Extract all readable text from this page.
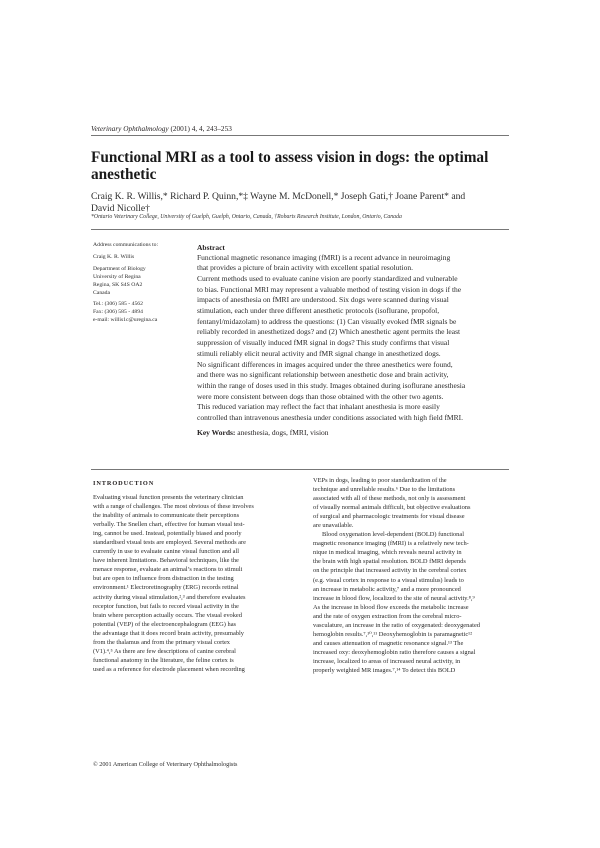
Veterinary Ophthalmology (2001) 4, 4, 243–253
Functional MRI as a tool to assess vision in dogs: the optimal anesthetic
Craig K. R. Willis,* Richard P. Quinn,*‡ Wayne M. McDonell,* Joseph Gati,† Joane Parent* and
David Nicolle†
*Ontario Veterinary College, University of Guelph, Guelph, Ontario, Canada, †Robarts Research Institute, London, Ontario, Canada
Address communications to:
Craig K. R. Willis
Department of Biology
University of Regina
Regina, SK S4S OA2
Canada
Tel.: (306) 585 - 4562
Fax: (306) 585 - 4894
e-mail: willis1c@uregina.ca
Abstract
Functional magnetic resonance imaging (fMRI) is a recent advance in neuroimaging
that provides a picture of brain activity with excellent spatial resolution.
Current methods used to evaluate canine vision are poorly standardized and vulnerable
to bias. Functional MRI may represent a valuable method of testing vision in dogs if the
impacts of anesthesia on fMRI are understood. Six dogs were scanned during visual
stimulation, each under three different anesthetic protocols (isoflurane, propofol,
fentanyl/midazolam) to address the questions: (1) Can visually evoked fMR signals be
reliably recorded in anesthetized dogs? and (2) Which anesthetic agent permits the least
suppression of visually induced fMR signal in dogs? This study confirms that visual
stimuli reliably elicit neural activity and fMR signal change in anesthetized dogs.
No significant differences in images acquired under the three anesthetics were found,
and there was no significant relationship between anesthetic dose and brain activity,
within the range of doses used in this study. Images obtained during isoflurane anesthesia
were more consistent between dogs than those obtained with the other two agents.
This reduced variation may reflect the fact that inhalant anesthesia is more easily
controlled than intravenous anesthesia under conditions associated with high field fMRI.
Key Words: anesthesia, dogs, fMRI, vision
INTRODUCTION
Evaluating visual function presents the veterinary clinician
with a range of challenges. The most obvious of these involves
the inability of animals to communicate their perceptions
verbally. The Snellen chart, effective for human visual test-
ing, cannot be used. Instead, potentially biased and poorly
standardised visual tests are employed. Several methods are
currently in use to evaluate canine visual function and all
have inherent limitations. Behavioral techniques, like the
menace response, evaluate an animal’s reactions to stimuli
but are open to influence from distraction in the testing
environment.¹ Electroretinography (ERG) records retinal
activity during visual stimulation,²,³ and therefore evaluates
receptor function, but fails to record visual activity in the
brain where perception actually occurs. The visual evoked
potential (VEP) of the electroencephalogram (EEG) has
the advantage that it does record brain activity, presumably
from the thalamus and from the primary visual cortex
(V1).⁴,⁵ As there are few descriptions of canine cerebral
functional anatomy in the literature, the feline cortex is
used as a reference for electrode placement when recording
VEPs in dogs, leading to poor standardization of the
technique and unreliable results.⁶ Due to the limitations
associated with all of these methods, not only is assessment
of visually normal animals difficult, but objective evaluations
of surgical and pharmacologic treatments for visual disease
are unavailable.
Blood oxygenation level-dependent (BOLD) functional
magnetic resonance imaging (fMRI) is a relatively new tech-
nique in medical imaging, which reveals neural activity in
the brain with high spatial resolution. BOLD fMRI depends
on the principle that increased activity in the cerebral cortex
(e.g. visual cortex in response to a visual stimulus) leads to
an increase in metabolic activity,⁷ and a more pronounced
increase in blood flow, localized to the site of neural activity.⁸,⁹
As the increase in blood flow exceeds the metabolic increase
and the rate of oxygen extraction from the cerebral micro-
vasculature, an increase in the ratio of oxygenated: deoxygenated
hemoglobin results.⁷,¹⁰,¹¹ Deoxyhemoglobin is paramagnetic¹²
and causes attenuation of magnetic resonance signal.¹³ The
increased oxy: deoxyhemoglobin ratio therefore causes a signal
increase, localized to areas of increased neural activity, in
properly weighted MR images.⁷,¹⁴ To detect this BOLD
© 2001 American College of Veterinary Ophthalmologists
